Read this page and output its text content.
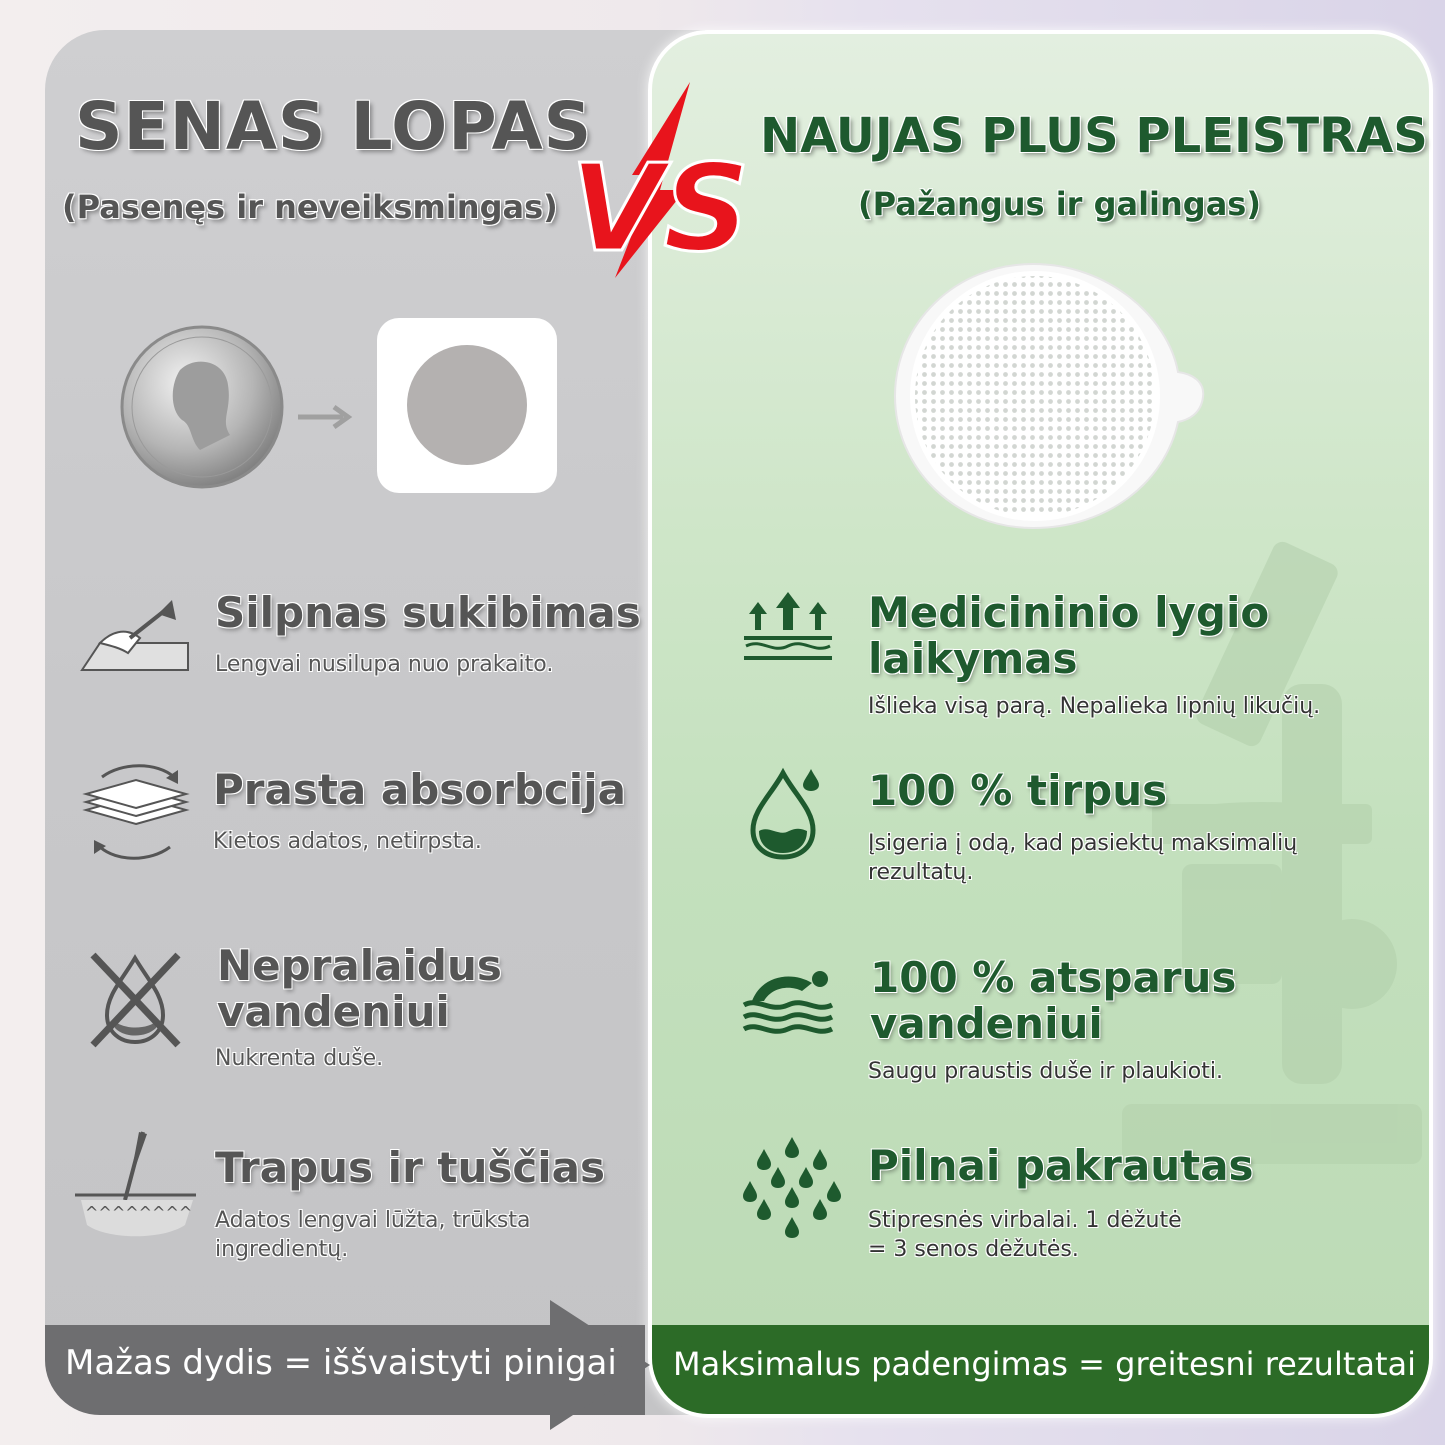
SENAS LOPAS
(Pasenęs ir neveiksmingas)
NAUJAS PLUS PLEISTRAS
(Pažangus ir galingas)
VS
Silpnas sukibimas
Lengvai nusilupa nuo prakaito.
Prasta absorbcija
Kietos adatos, netirpsta.
Nepralaidus
vandeniui
Nukrenta duše.
^^^^^^^^
Trapus ir tuščias
Adatos lengvai lūžta, trūksta
ingredientų.
Medicininio lygio
laikymas
Išlieka visą parą. Nepalieka lipnių likučių.
100 % tirpus
Įsigeria į odą, kad pasiektų maksimalių
rezultatų.
100 % atsparus
vandeniui
Saugu praustis duše ir plaukioti.
Pilnai pakrautas
Stipresnės virbalai. 1 dėžutė
= 3 senos dėžutės.
Mažas dydis = iššvaistyti pinigai Maksimalus padengimas = greitesni rezultatai
